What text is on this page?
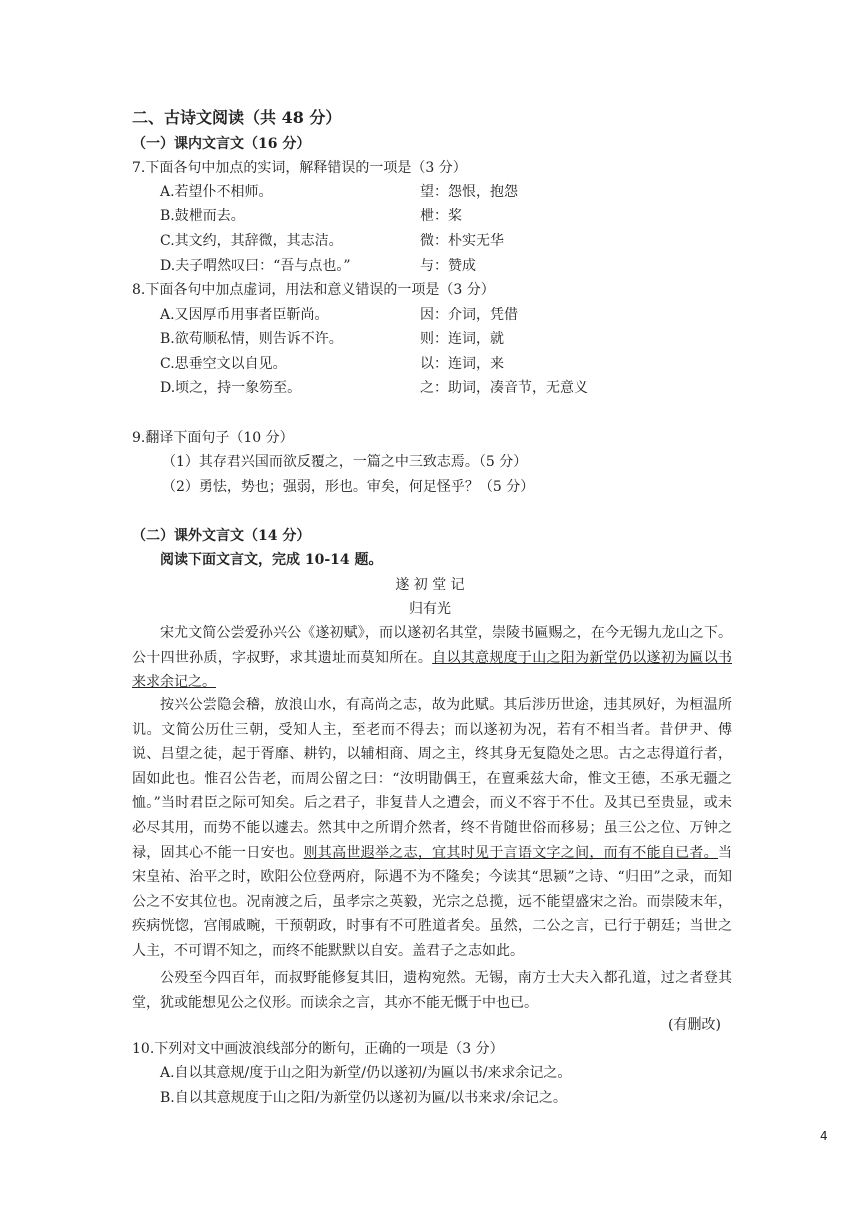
二、古诗文阅读（共 48 分）
（一）课内文言文（16 分）
7.下面各句中加点的实词，解释错误的一项是（3 分）
A.若望仆不相师。	望：怨恨，抱怨
B.鼓枻而去。	枻：桨
C.其文约，其辞微，其志洁。	微：朴实无华
D.夫子喟然叹曰：“吾与点也。”	与：赞成
8.下面各句中加点虚词，用法和意义错误的一项是（3 分）
A.又因厚币用事者臣靳尚。	因：介词，凭借
B.欲苟顺私情，则告诉不许。	则：连词，就
C.思垂空文以自见。	以：连词，来
D.顷之，持一象笏至。	之：助词，凑音节，无意义
9.翻译下面句子（10 分）
（1）其存君兴国而欲反覆之，一篇之中三致志焉。（5 分）
（2）勇怯，势也；强弱，形也。审矣，何足怪乎？（5 分）
（二）课外文言文（14 分）
阅读下面文言文，完成 10-14 题。
遂 初 堂 记
归有光
宋尤文简公尝爱孙兴公《遂初赋》，而以遂初名其堂，崇陵书匾赐之，在今无锡九龙山之下。公十四世孙质，字叔野，求其遗址而莫知所在。自以其意规度于山之阳为新堂仍以遂初为匾以书来求余记之。
按兴公尝隐会稽，放浪山水，有高尚之志，故为此赋。其后涉历世途，违其夙好，为桓温所讥。文简公历仕三朝，受知人主，至老而不得去；而以遂初为况，若有不相当者。昔伊尹、傅说、吕望之徒，起于胥靡、耕钓，以辅相商、周之主，终其身无复隐处之思。古之志得道行者，固如此也。惟召公告老，而周公留之曰：“汝明勖偶王，在亶乘兹大命，惟文王德，丕承无疆之恤。”当时君臣之际可知矣。后之君子，非复昔人之遭会，而义不容于不仕。及其已至贵显，或未必尽其用，而势不能以遽去。然其中之所谓介然者，终不肯随世俗而移易；虽三公之位、万钟之禄，固其心不能一日安也。则其高世遐举之志，宜其时见于言语文字之间，而有不能自已者。当宋皇祐、治平之时，欧阳公位登两府，际遇不为不隆矣；今读其“思颍”之诗、“归田”之录，而知公之不安其位也。况南渡之后，虽孝宗之英毅，光宗之总揽，远不能望盛宋之治。而崇陵末年，疾病恍惚，宫闱戚畹，干预朝政，时事有不可胜道者矣。虽然，二公之言，已行于朝廷；当世之人主，不可谓不知之，而终不能默默以自安。盖君子之志如此。
公殁至今四百年，而叔野能修复其旧，遗构宛然。无锡，南方士大夫入都孔道，过之者登其堂，犹或能想见公之仪形。而读余之言，其亦不能无慨于中也已。
(有删改)
10.下列对文中画波浪线部分的断句，正确的一项是（3 分）
A.自以其意规/度于山之阳为新堂/仍以遂初/为匾以书/来求余记之。
B.自以其意规度于山之阳/为新堂仍以遂初为匾/以书来求/余记之。
4
